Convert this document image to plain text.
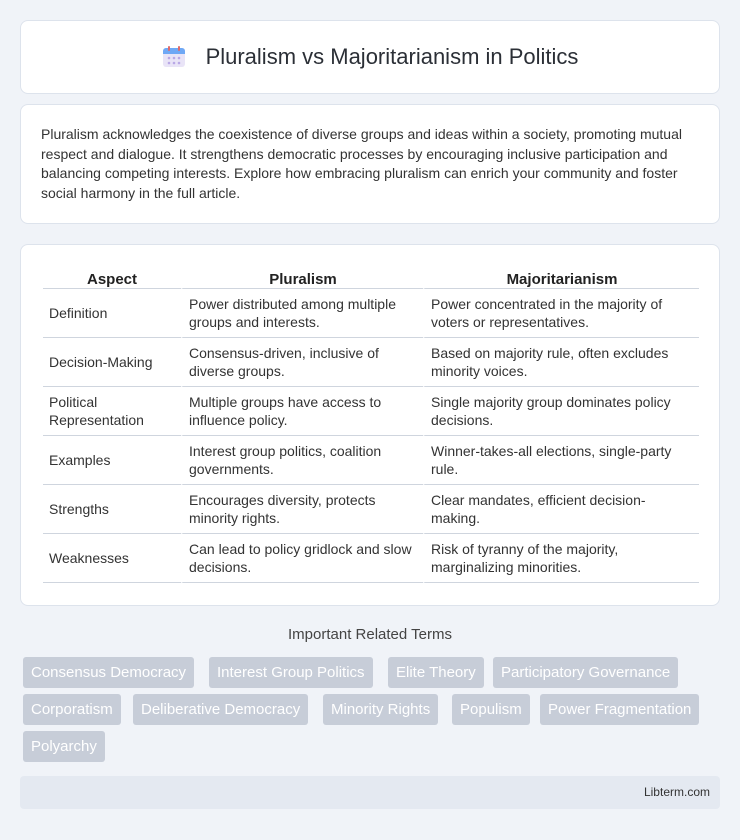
Pluralism vs Majoritarianism in Politics

Pluralism acknowledges the coexistence of diverse groups and ideas within a society, promoting mutual respect and dialogue. It strengthens democratic processes by encouraging inclusive participation and balancing competing interests. Explore how embracing pluralism can enrich your community and foster social harmony in the full article.

Aspect	Pluralism	Majoritarianism
Definition	Power distributed among multiple groups and interests.	Power concentrated in the majority of voters or representatives.
Decision-Making	Consensus-driven, inclusive of diverse groups.	Based on majority rule, often excludes minority voices.
Political Representation	Multiple groups have access to influence policy.	Single majority group dominates policy decisions.
Examples	Interest group politics, coalition governments.	Winner-takes-all elections, single-party rule.
Strengths	Encourages diversity, protects minority rights.	Clear mandates, efficient decision-making.
Weaknesses	Can lead to policy gridlock and slow decisions.	Risk of tyranny of the majority, marginalizing minorities.
Important Related Terms
Consensus Democracy	Interest Group Politics	Elite Theory	Participatory Governance
Corporatism	Deliberative Democracy	Minority Rights	Populism	Power Fragmentation
Polyarchy
Libterm.com
